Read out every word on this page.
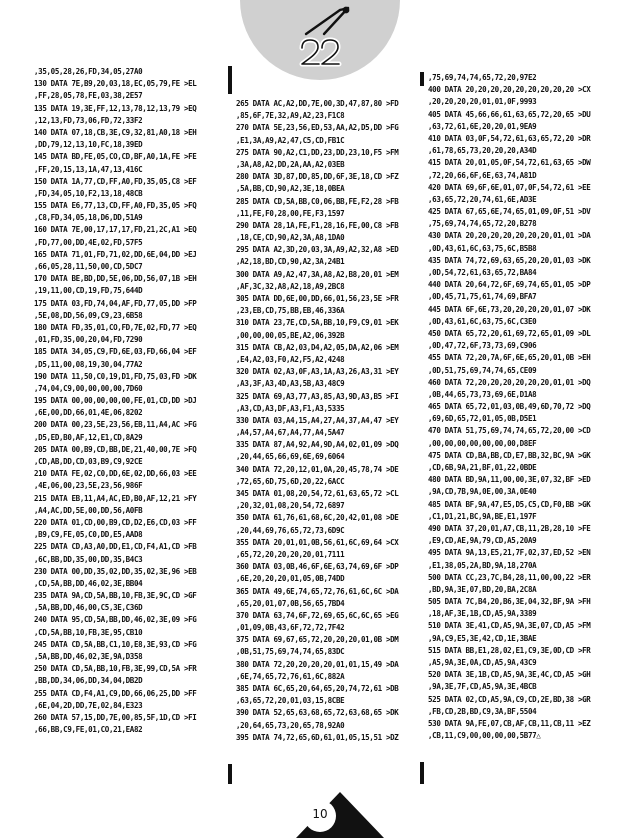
,35,05,28,26,FD,34,05,27A0
130 DATA 7E,B9,20,03,18,EC,05,79,FE >EL
,FF,28,05,78,FE,03,38,2E57
135 DATA 19,3E,FF,12,13,78,12,13,79 >EQ
,12,13,FD,73,06,FD,72,33F2
140 DATA 07,18,CB,3E,C9,32,81,A0,18 >EH
,DD,79,12,13,10,FC,18,39ED
145 DATA BD,FE,05,CO,CD,BF,A0,1A,FE >FE
,FF,20,15,13,1A,47,13,416C
150 DATA 1A,77,CD,FF,A0,FD,35,05,C8 >EF
,FD,34,05,10,F2,13,18,48CB
155 DATA E6,77,13,CD,FF,A0,FD,35,05 >FQ
,C8,FD,34,05,18,D6,DD,51A9
160 DATA 7E,00,17,17,17,FD,21,2C,A1 >EQ
,FD,77,00,DD,4E,02,FD,57F5
165 DATA 71,01,FD,71,02,DD,6E,04,DD >EJ
,66,05,28,11,50,00,CD,5DC7
170 DATA BE,BD,DD,5E,06,DD,56,07,1B >EH
,19,11,00,CD,19,FD,75,644D
175 DATA 03,FD,74,04,AF,FD,77,05,DD >FP
,5E,08,DD,56,09,C9,23,6B58
180 DATA FD,35,01,CO,FD,7E,02,FD,77 >EQ
,01,FD,35,00,20,04,FD,7290
185 DATA 34,05,C9,FD,6E,03,FD,66,04 >EF
,D5,11,00,08,19,30,04,77A2
190 DATA 11,50,C0,19,D1,FD,75,03,FD >DK
,74,04,C9,00,00,00,00,7D60
195 DATA 00,00,00,00,00,FE,01,CD,DD >DJ
,6E,00,DD,66,01,4E,06,8202
200 DATA 00,23,5E,23,56,EB,11,A4,AC >FG
,D5,ED,B0,AF,12,E1,CD,8A29
205 DATA 00,B9,CD,BB,DE,21,40,00,7E >FQ
,CD,AB,DD,CD,03,B9,C9,92CE
210 DATA FE,02,C0,DD,6E,02,DD,66,03 >EE
,4E,06,00,23,5E,23,56,986F
215 DATA EB,11,A4,AC,ED,B0,AF,12,21 >FY
,A4,AC,DD,5E,00,DD,56,A0FB
220 DATA 01,CD,00,B9,CD,D2,E6,CD,03 >FF
,B9,C9,FE,05,C0,DD,E5,AAD8
225 DATA CD,A3,A0,DD,E1,CD,F4,A1,CD >FB
,6C,BB,DD,35,00,DD,35,B4C3
230 DATA 00,DD,35,02,DD,35,02,3E,96 >EB
,CD,5A,BB,DD,46,02,3E,BB04
235 DATA 9A,CD,5A,BB,10,FB,3E,9C,CD >GF
,5A,BB,DD,46,00,C5,3E,C36D
240 DATA 95,CD,5A,BB,DD,46,02,3E,09 >FG
,CD,5A,BB,10,FB,3E,95,CB10
245 DATA CD,5A,BB,C1,10,E8,3E,93,CD >FG
,5A,BB,DD,46,02,3E,9A,D358
250 DATA CD,5A,BB,10,FB,3E,99,CD,5A >FR
,BB,DD,34,06,DD,34,04,DB2D
255 DATA CD,F4,A1,C9,DD,66,06,25,DD >FF
,6E,04,2D,DD,7E,02,84,E323
260 DATA 57,15,DD,7E,00,85,5F,1D,CD >FI
,66,BB,C9,FE,01,CO,21,EA82
265 DATA AC,A2,DD,7E,00,3D,47,87,80 >FD
,85,6F,7E,32,A9,A2,23,F1C8
270 DATA 5E,23,56,ED,53,AA,A2,D5,DD >FG
,E1,3A,A9,A2,47,C5,CD,FB1C
275 DATA 90,A2,C1,DD,23,DD,23,10,F5 >FM
,3A,A8,A2,DD,2A,AA,A2,03EB
280 DATA 3D,87,DD,85,DD,6F,3E,18,CD >FZ
,5A,BB,CD,90,A2,3E,18,0BEA
285 DATA CD,5A,BB,C0,06,BB,FE,F2,28 >FB
,11,FE,F0,28,00,FE,F3,1597
290 DATA 28,1A,FE,F1,28,16,FE,00,C8 >FB
,18,CE,CD,90,A2,3A,A8,1DA0
295 DATA A2,3D,20,03,3A,A9,A2,32,A8 >ED
,A2,18,BD,CD,90,A2,3A,24B1
300 DATA A9,A2,47,3A,A8,A2,B8,20,01 >EM
,AF,3C,32,A8,A2,18,A9,2BC8
305 DATA DD,6E,00,DD,66,01,56,23,5E >FR
,23,EB,CD,75,BB,EB,46,336A
310 DATA 23,7E,CD,5A,BB,10,F9,C9,01 >EK
,00,00,00,05,BE,A2,06,392B
315 DATA CB,A2,03,D4,A2,05,DA,A2,06 >EM
,E4,A2,03,F0,A2,F5,A2,4248
320 DATA 02,A3,0F,A3,1A,A3,26,A3,31 >EY
,A3,3F,A3,4D,A3,5B,A3,48C9
325 DATA 69,A3,77,A3,85,A3,9D,A3,B5 >FI
,A3,CD,A3,DF,A3,F1,A3,5335
330 DATA 03,A4,15,A4,27,A4,37,A4,47 >EY
,A4,57,A4,67,A4,77,A4,5A47
335 DATA 87,A4,92,A4,9D,A4,02,01,09 >DQ
,20,44,65,66,69,6E,69,6064
340 DATA 72,20,12,01,0A,20,45,78,74 >DE
,72,65,6D,75,6D,20,22,6ACC
345 DATA 01,08,20,54,72,61,63,65,72 >CL
,20,32,01,08,20,54,72,6897
350 DATA 61,76,61,68,6C,20,42,01,08 >DE
,20,44,69,76,65,72,73,6D9C
355 DATA 20,01,01,0B,56,61,6C,69,64 >CX
,65,72,20,20,20,20,01,7111
360 DATA 03,0B,46,6F,6E,63,74,69,6F >DP
,6E,20,20,20,01,05,0B,74DD
365 DATA 49,6E,74,65,72,76,61,6C,6C >DA
,65,20,01,07,0B,56,65,7BD4
370 DATA 63,74,6F,72,69,65,6C,6C,65 >EG
,01,09,0B,43,6F,72,72,7F42
375 DATA 69,67,65,72,20,20,20,01,0B >DM
,0B,51,75,69,74,74,65,83DC
380 DATA 72,20,20,20,20,01,01,15,49 >DA
,6E,74,65,72,76,61,6C,882A
385 DATA 6C,65,20,64,65,20,74,72,61 >DB
,63,65,72,20,01,03,15,8CBE
390 DATA 52,65,63,68,65,72,63,68,65 >DK
,20,64,65,73,20,65,78,92A0
395 DATA 74,72,65,6D,61,01,05,15,51 >DZ
,75,69,74,74,65,72,20,97E2
400 DATA 20,20,20,20,20,20,20,20,20 >CX
,20,20,20,20,01,01,0F,9993
405 DATA 45,66,66,61,63,65,72,20,65 >DU
,63,72,61,6E,20,20,01,9EA9
410 DATA 03,0F,54,72,61,63,65,72,20 >DR
,61,78,65,73,20,20,20,A34D
415 DATA 20,01,05,0F,54,72,61,63,65 >DW
,72,20,66,6F,6E,63,74,A81D
420 DATA 69,6F,6E,01,07,0F,54,72,61 >EE
,63,65,72,20,74,61,6E,AD3E
425 DATA 67,65,6E,74,65,01,09,0F,51 >DV
,75,69,74,74,65,72,20,B278
430 DATA 20,20,20,20,20,20,20,01,01 >DA
,0D,43,61,6C,63,75,6C,B5B8
435 DATA 74,72,69,63,65,20,20,01,03 >DK
,0D,54,72,61,63,65,72,BA84
440 DATA 20,64,72,6F,69,74,65,01,05 >DP
,0D,45,71,75,61,74,69,BFA7
445 DATA 6F,6E,73,20,20,20,20,01,07 >DK
,0D,43,61,6C,63,75,6C,C3E0
450 DATA 65,72,20,61,69,72,65,01,09 >DL
,0D,47,72,6F,73,73,69,C906
455 DATA 72,20,7A,6F,6E,65,20,01,0B >EH
,0D,51,75,69,74,74,65,CE09
460 DATA 72,20,20,20,20,20,20,01,01 >DQ
,0B,44,65,73,73,69,6E,D1A8
465 DATA 65,72,01,03,0B,49,6D,70,72 >DQ
,69,6D,65,72,01,05,0B,D5E1
470 DATA 51,75,69,74,74,65,72,20,00 >CD
,00,00,00,00,00,00,00,D8EF
475 DATA CD,BA,BB,CD,E7,BB,32,BC,9A >GK
,CD,6B,9A,21,BF,01,22,0BDE
480 DATA BD,9A,11,00,00,3E,07,32,BF >ED
,9A,CD,7B,9A,0E,00,3A,0E40
485 DATA BF,9A,47,E5,D5,C5,CD,F0,BB >GK
,C1,D1,21,BC,9A,BE,E1,197F
490 DATA 37,20,01,A7,CB,11,2B,28,10 >FE
,E9,CD,AE,9A,79,CD,A5,20A9
495 DATA 9A,13,E5,21,7F,02,37,ED,52 >EN
,E1,38,05,2A,BD,9A,18,270A
500 DATA CC,23,7C,B4,28,11,00,00,22 >ER
,BD,9A,3E,07,BD,20,BA,2C8A
505 DATA 7C,B4,20,B6,3E,04,32,BF,9A >FH
,18,AF,3E,1B,CD,A5,9A,3389
510 DATA 3E,41,CD,A5,9A,3E,07,CD,A5 >FM
,9A,C9,E5,3E,42,CD,1E,3BAE
515 DATA BB,E1,28,02,E1,C9,3E,0D,CD >FR
,A5,9A,3E,0A,CD,A5,9A,43C9
520 DATA 3E,1B,CD,A5,9A,3E,4C,CD,A5 >GH
,9A,3E,7F,CD,A5,9A,3E,4BCB
525 DATA 02,CD,A5,9A,C9,CD,2E,BD,38 >GR
,FB,CD,2B,BD,C9,3A,BF,5504
530 DATA 9A,FE,07,CB,AF,CB,11,CB,11 >EZ
,CB,11,C9,00,00,00,00,5B77△
10
